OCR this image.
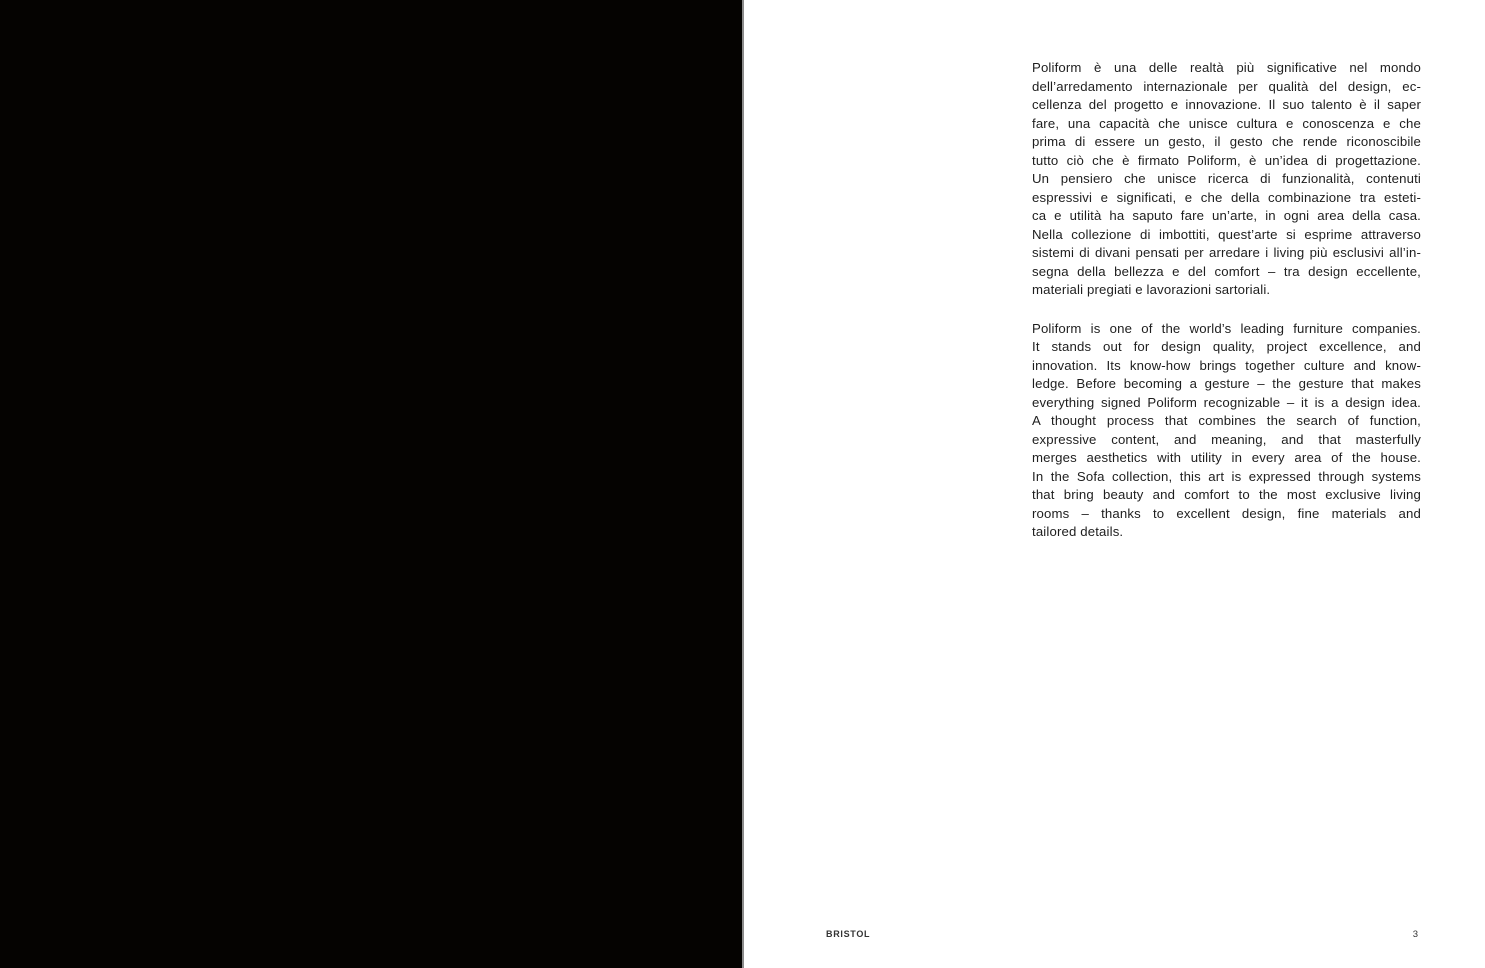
Poliform è una delle realtà più significative nel mondo
dell’arredamento internazionale per qualità del design, ec-
cellenza del progetto e innovazione. Il suo talento è il saper
fare, una capacità che unisce cultura e conoscenza e che
prima di essere un gesto, il gesto che rende riconoscibile
tutto ciò che è firmato Poliform, è un’idea di progettazione.
Un pensiero che unisce ricerca di funzionalità, contenuti
espressivi e significati, e che della combinazione tra esteti-
ca e utilità ha saputo fare un’arte, in ogni area della casa.
Nella collezione di imbottiti, quest’arte si esprime attraverso
sistemi di divani pensati per arredare i living più esclusivi all’in-
segna della bellezza e del comfort – tra design eccellente,
materiali pregiati e lavorazioni sartoriali.
Poliform is one of the world’s leading furniture companies.
It stands out for design quality, project excellence, and
innovation. Its know-how brings together culture and know-
ledge. Before becoming a gesture – the gesture that makes
everything signed Poliform recognizable – it is a design idea.
A thought process that combines the search of function,
expressive content, and meaning, and that masterfully
merges aesthetics with utility in every area of the house.
In the Sofa collection, this art is expressed through systems
that bring beauty and comfort to the most exclusive living
rooms – thanks to excellent design, fine materials and
tailored details.
BRISTOL	3
